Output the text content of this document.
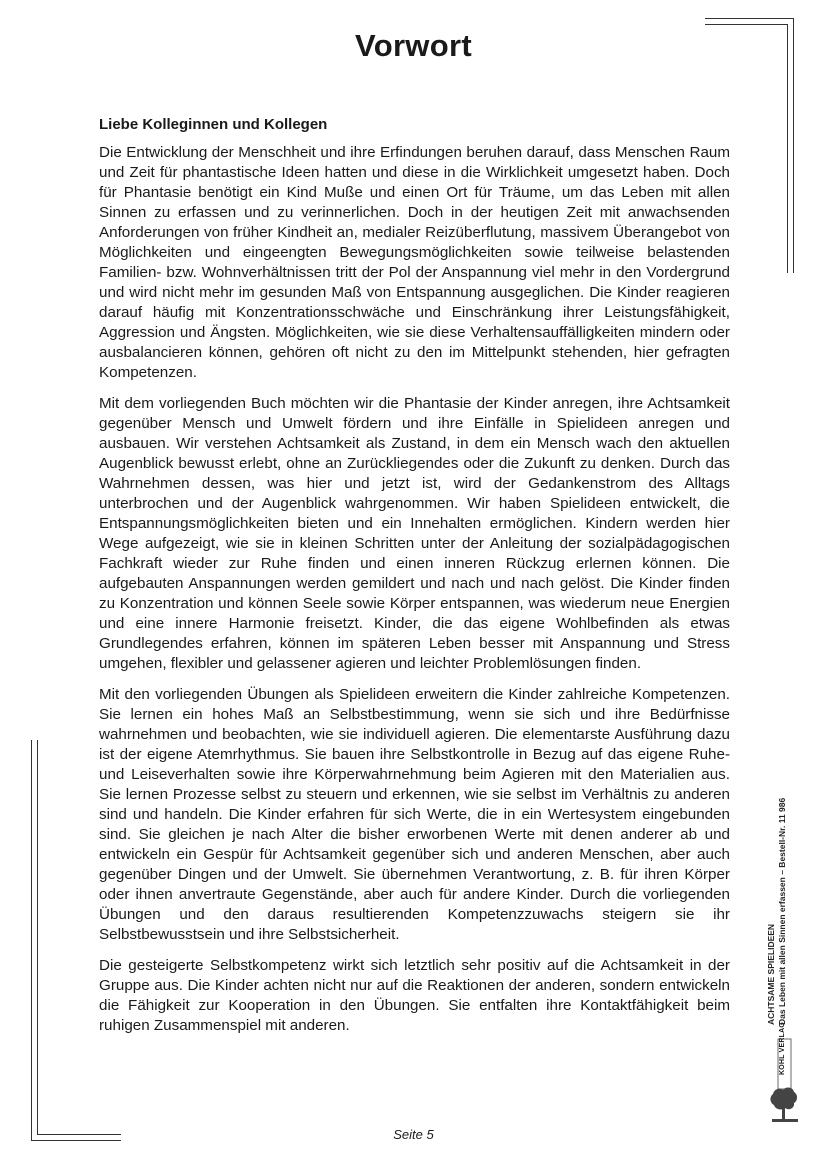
Vorwort

Liebe Kolleginnen und Kollegen

Die Entwicklung der Menschheit und ihre Erfindungen beruhen darauf, dass Menschen Raum und Zeit für phantastische Ideen hatten und diese in die Wirklichkeit umgesetzt haben. Doch für Phantasie benötigt ein Kind Muße und einen Ort für Träume, um das Leben mit allen Sinnen zu erfassen und zu verinnerlichen. Doch in der heutigen Zeit mit anwachsenden Anforderungen von früher Kindheit an, medialer Reizüberflutung, massivem Überangebot von Möglichkeiten und eingeengten Bewegungsmöglichkeiten sowie teilweise belastenden Familien- bzw. Wohnverhältnissen tritt der Pol der Anspannung viel mehr in den Vordergrund und wird nicht mehr im gesunden Maß von Entspannung ausgeglichen. Die Kinder reagieren darauf häufig mit Konzentrationsschwäche und Einschränkung ihrer Leistungsfähigkeit, Aggression und Ängsten. Möglichkeiten, wie sie diese Verhaltensauffälligkeiten mindern oder ausbalancieren können, gehören oft nicht zu den im Mittelpunkt stehenden, hier gefragten Kompetenzen.

Mit dem vorliegenden Buch möchten wir die Phantasie der Kinder anregen, ihre Achtsamkeit gegenüber Mensch und Umwelt fördern und ihre Einfälle in Spielideen anregen und ausbauen. Wir verstehen Achtsamkeit als Zustand, in dem ein Mensch wach den aktuellen Augenblick bewusst erlebt, ohne an Zurückliegendes oder die Zukunft zu denken. Durch das Wahrnehmen dessen, was hier und jetzt ist, wird der Gedankenstrom des Alltags unterbrochen und der Augenblick wahrgenommen. Wir haben Spielideen entwickelt, die Entspannungsmöglichkeiten bieten und ein Innehalten ermöglichen. Kindern werden hier Wege aufgezeigt, wie sie in kleinen Schritten unter der Anleitung der sozialpädagogischen Fachkraft wieder zur Ruhe finden und einen inneren Rückzug erlernen können. Die aufgebauten Anspannungen werden gemildert und nach und nach gelöst. Die Kinder finden zu Konzentration und können Seele sowie Körper entspannen, was wiederum neue Energien und eine innere Harmonie freisetzt. Kinder, die das eigene Wohlbefinden als etwas Grundlegendes erfahren, können im späteren Leben besser mit Anspannung und Stress umgehen, flexibler und gelassener agieren und leichter Problemlösungen finden.

Mit den vorliegenden Übungen als Spielideen erweitern die Kinder zahlreiche Kompetenzen. Sie lernen ein hohes Maß an Selbstbestimmung, wenn sie sich und ihre Bedürfnisse wahrnehmen und beobachten, wie sie individuell agieren. Die elementarste Ausführung dazu ist der eigene Atemrhythmus. Sie bauen ihre Selbstkontrolle in Bezug auf das eigene Ruhe- und Leiseverhalten sowie ihre Körperwahrnehmung beim Agieren mit den Materialien aus. Sie lernen Prozesse selbst zu steuern und erkennen, wie sie selbst im Verhältnis zu anderen sind und handeln. Die Kinder erfahren für sich Werte, die in ein Wertesystem eingebunden sind. Sie gleichen je nach Alter die bisher erworbenen Werte mit denen anderer ab und entwickeln ein Gespür für Achtsamkeit gegenüber sich und anderen Menschen, aber auch gegenüber Dingen und der Umwelt. Sie übernehmen Verantwortung, z. B. für ihren Körper oder ihnen anvertraute Gegenstände, aber auch für andere Kinder. Durch die vorliegenden Übungen und den daraus resultierenden Kompetenzzuwachs steigern sie ihr Selbstbewusstsein und ihre Selbstsicherheit.

Die gesteigerte Selbstkompetenz wirkt sich letztlich sehr positiv auf die Achtsamkeit in der Gruppe aus. Die Kinder achten nicht nur auf die Reaktionen der anderen, sondern entwickeln die Fähigkeit zur Kooperation in den Übungen. Sie entfalten ihre Kontaktfähigkeit beim ruhigen Zusammenspiel mit anderen.

ACHTSAME SPIELIDEEN Das Leben mit allen Sinnen erfassen – Bestell-Nr. 11 986
KOHL VERLAG
Seite 5
